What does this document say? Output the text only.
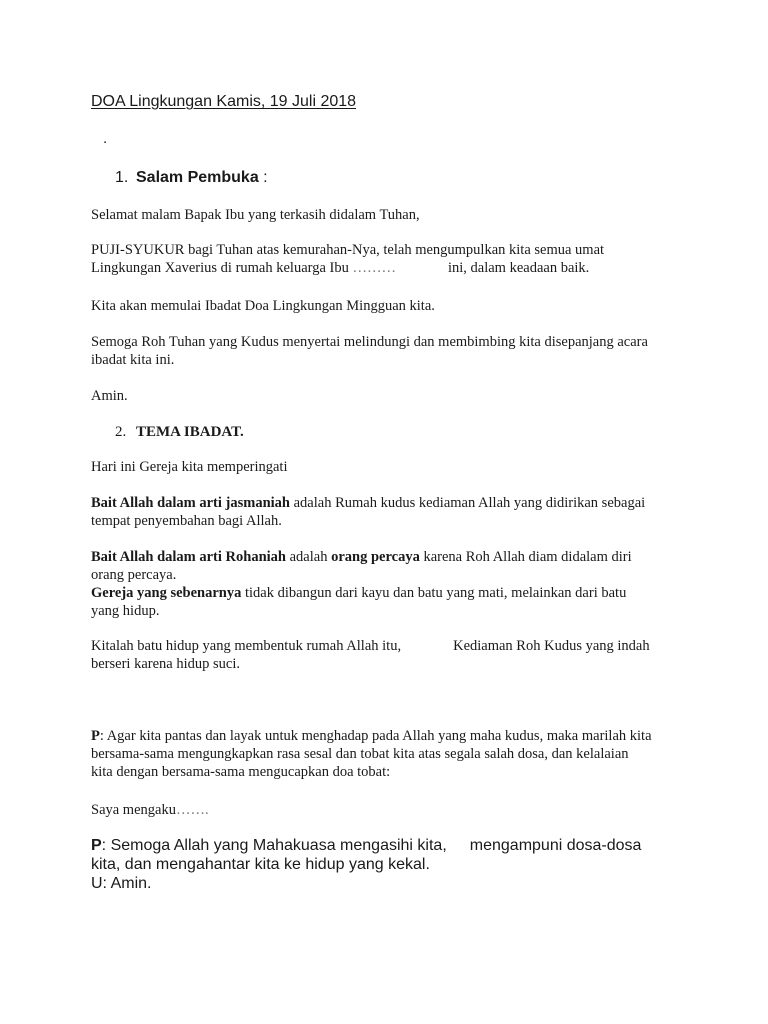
DOA Lingkungan Kamis, 19 Juli 2018
.
1. Salam Pembuka :
Selamat malam Bapak Ibu yang terkasih didalam Tuhan,
PUJI-SYUKUR bagi Tuhan atas kemurahan-Nya, telah mengumpulkan kita semua umat
Lingkungan Xaverius di rumah keluarga Ibu ………	ini, dalam keadaan baik.
Kita akan memulai Ibadat Doa Lingkungan Mingguan kita.
Semoga Roh Tuhan yang Kudus menyertai melindungi dan membimbing kita disepanjang acara
ibadat kita ini.
Amin.
2. TEMA IBADAT.
Hari ini Gereja kita memperingati
Bait Allah dalam arti jasmaniah adalah Rumah kudus kediaman Allah yang didirikan sebagai
tempat penyembahan bagi Allah.
Bait Allah dalam arti Rohaniah adalah orang percaya karena Roh Allah diam didalam diri
orang percaya.
Gereja yang sebenarnya tidak dibangun dari kayu dan batu yang mati, melainkan dari batu
yang hidup.
Kitalah batu hidup yang membentuk rumah Allah itu,	Kediaman Roh Kudus yang indah
berseri karena hidup suci.
P: Agar kita pantas dan layak untuk menghadap pada Allah yang maha kudus, maka marilah kita
bersama-sama mengungkapkan rasa sesal dan tobat kita atas segala salah dosa, dan kelalaian
kita dengan bersama-sama mengucapkan doa tobat:
Saya mengaku…….
P: Semoga Allah yang Mahakuasa mengasihi kita, mengampuni dosa-dosa
kita, dan mengahantar kita ke hidup yang kekal.
U: Amin.
